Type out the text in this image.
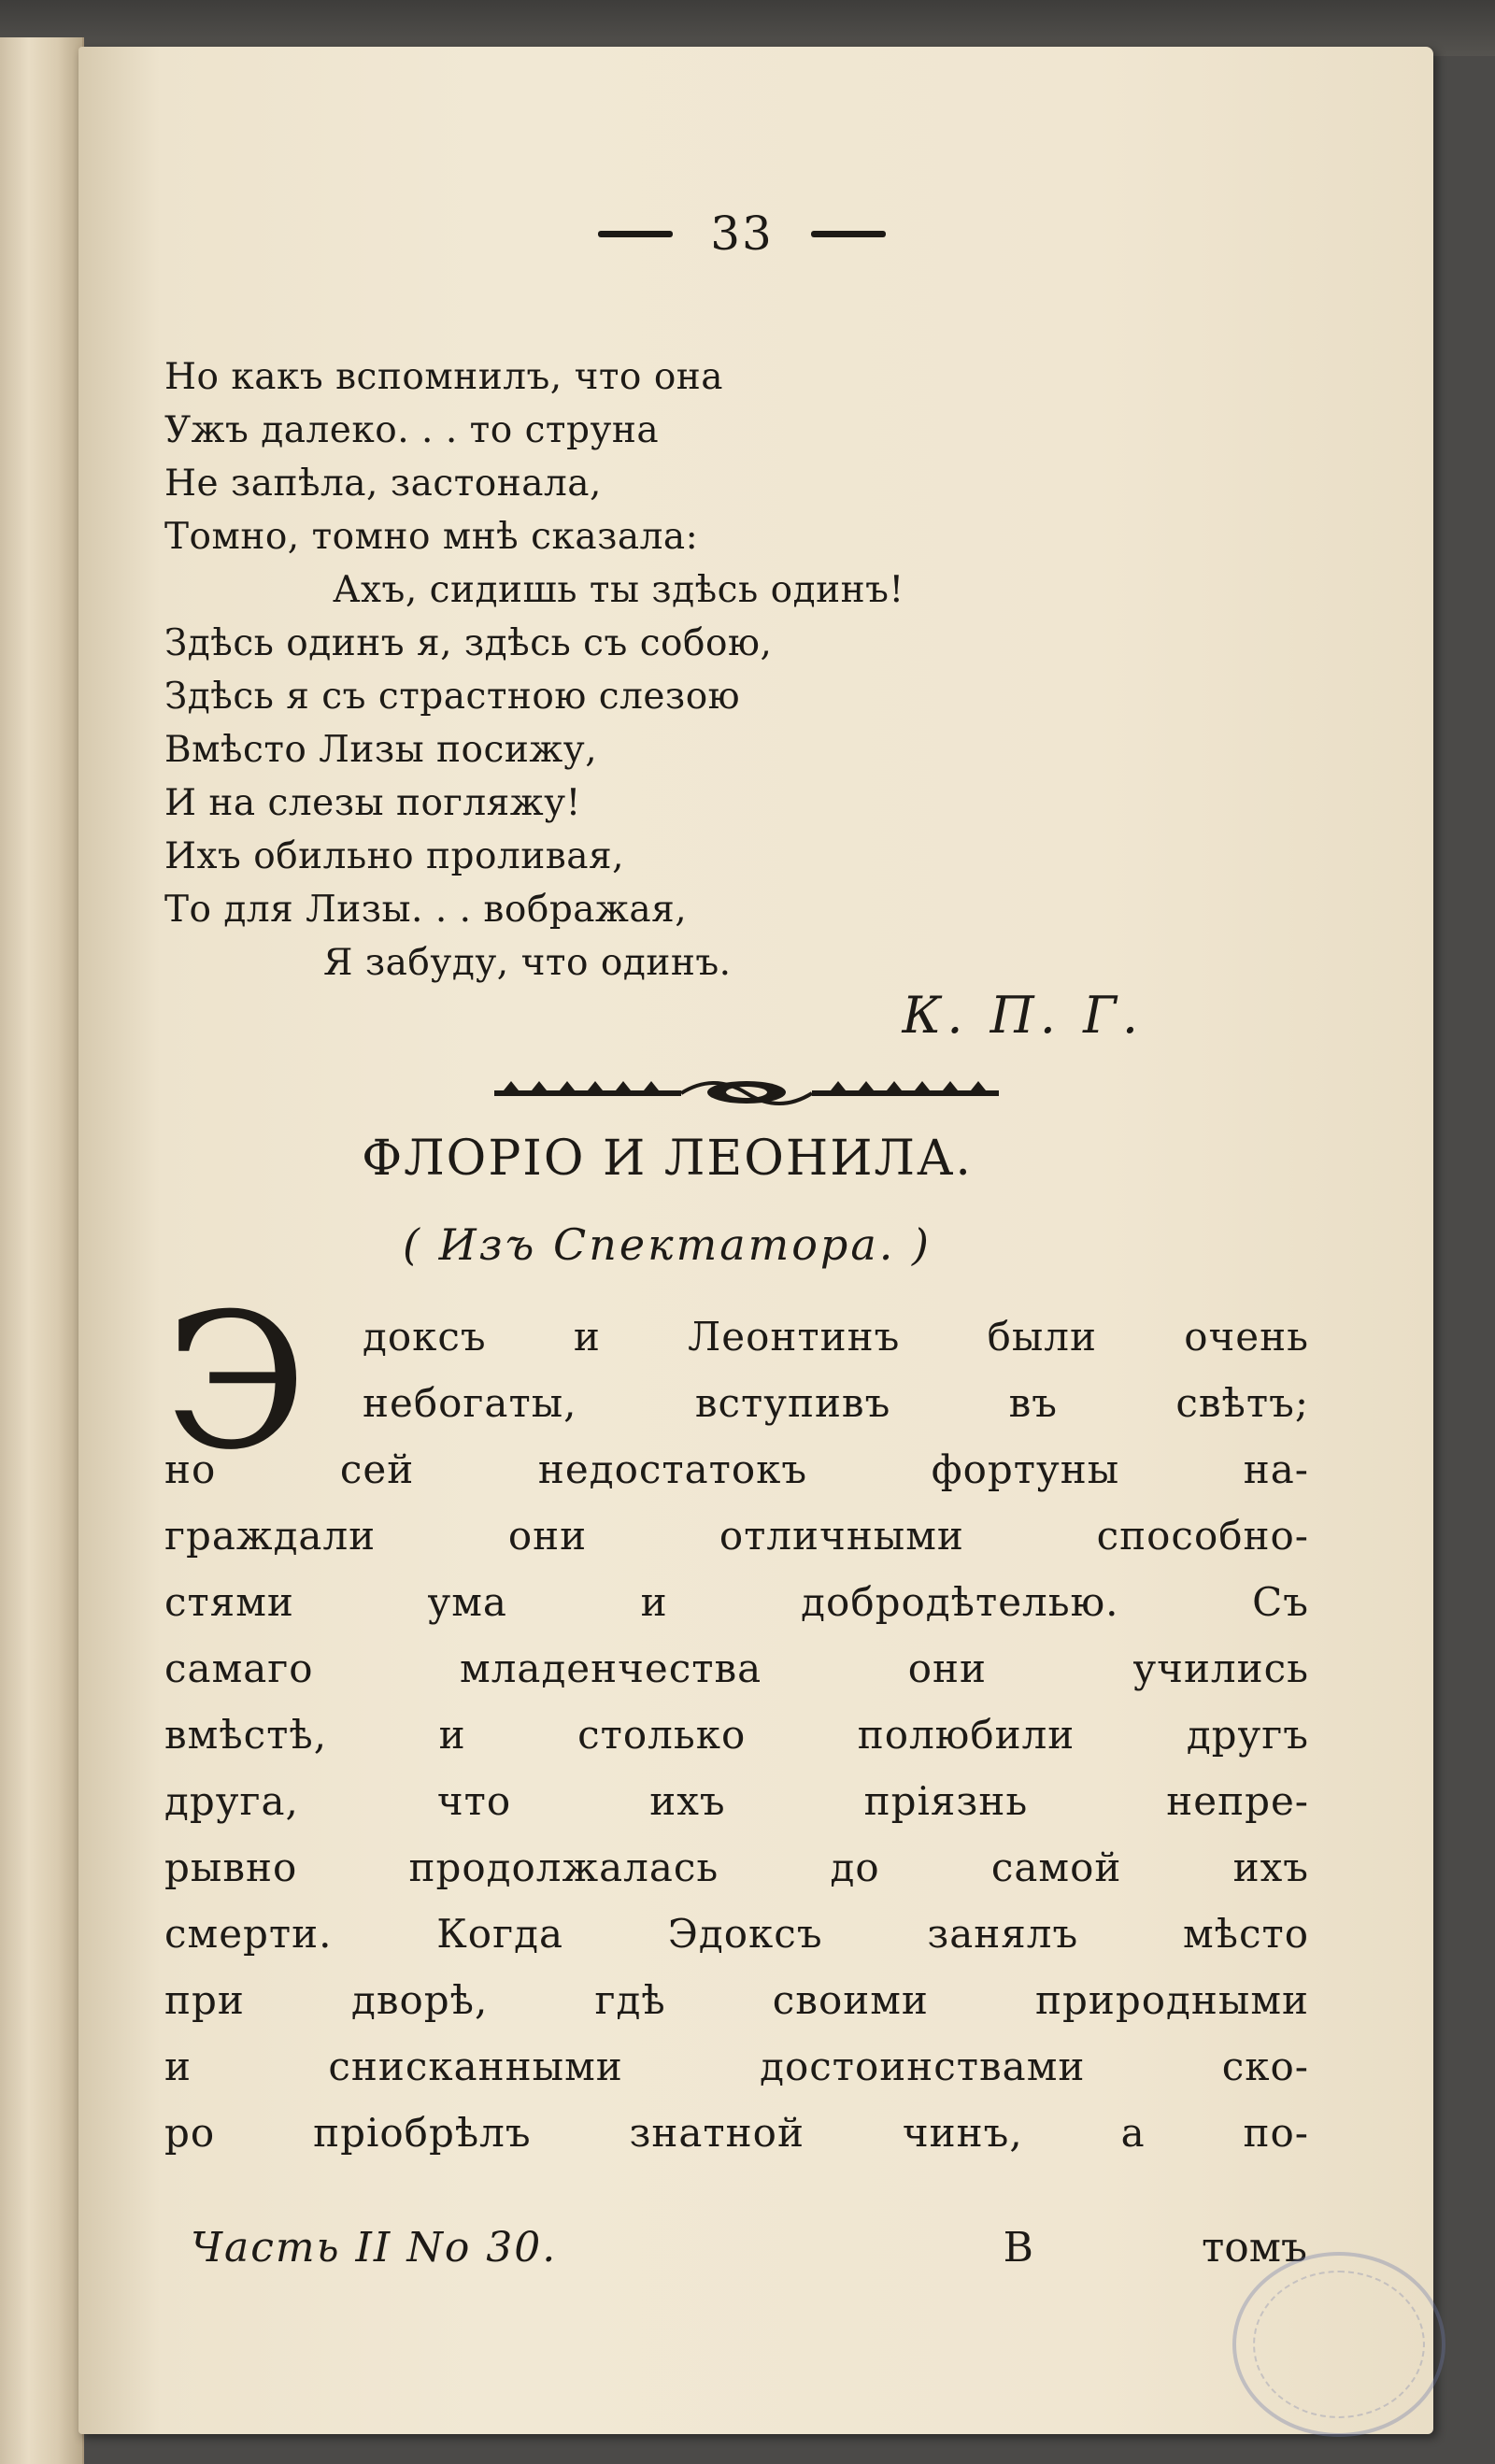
33
Но какъ вспомнилъ, что она
Ужъ далеко. . . то струна
Не запѣла, застонала,
Томно, томно мнѣ сказала:
Ахъ, сидишь ты здѣсь одинъ!
Здѣсь одинъ я, здѣсь съ собою,
Здѣсь я съ страстною слезою
Вмѣсто Лизы посижу,
И на слезы погляжу!
Ихъ обильно проливая,
То для Лизы. . . вображая,
Я забуду, что одинъ.
К. П. Г.
ФЛОРІО И ЛЕОНИЛА.
( Изъ Спектатора. )
Э	доксъ и Леонтинъ были очень
небогаты, вступивъ въ свѣтъ;
но сей недостатокъ фортуны на-
граждали они отличными способно-
стями ума и добродѣтелью. Съ
самаго младенчества они учились
вмѣстѣ, и столько полюбили другъ
друга, что ихъ пріязнь непре-
рывно продолжалась до самой ихъ
смерти. Когда Эдоксъ занялъ мѣсто
при дворѣ, гдѣ своими природными
и снисканными достоинствами ско-
ро пріобрѣлъ знатной чинъ, а по-
Часть II No 30.	В	томъ
